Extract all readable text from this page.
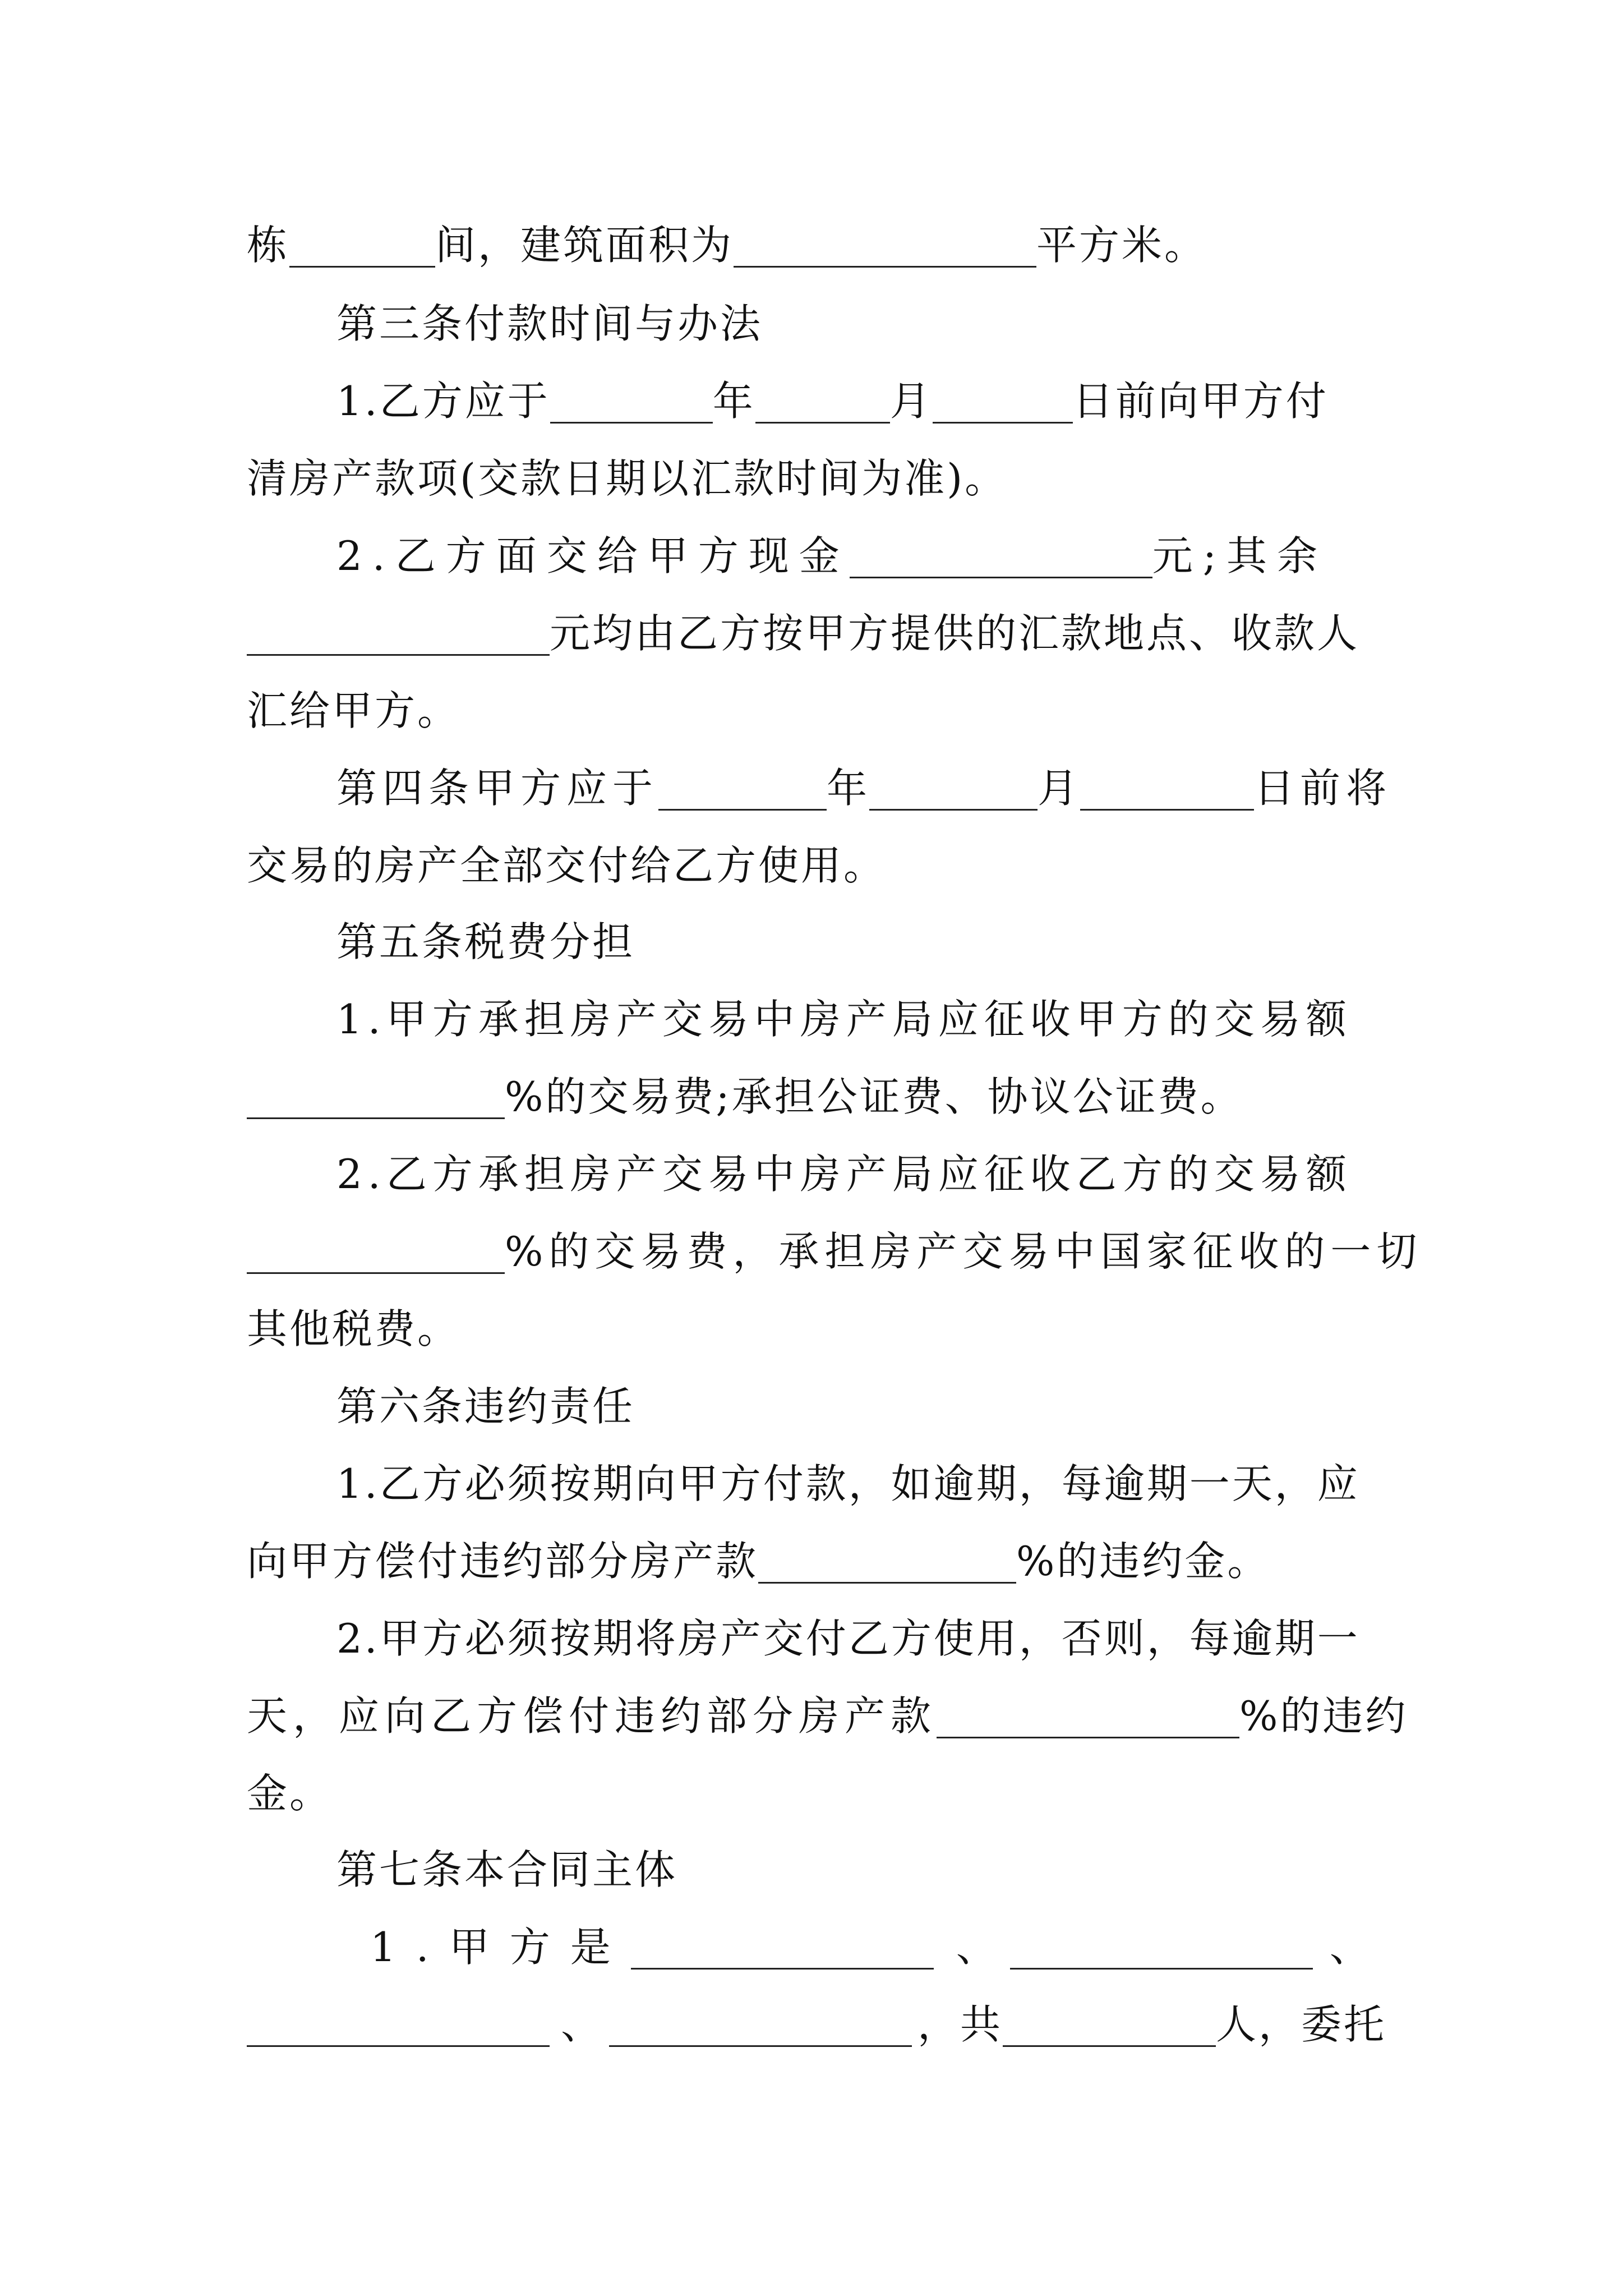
栋	间，建筑面积为	平方米。
第三条付款时间与办法
1.乙方应于	年	月	日前向甲方付
清房产款项(交款日期以汇款时间为准)。
2.乙方面交给甲方现金	元;其余
元均由乙方按甲方提供的汇款地点、收款人
汇给甲方。
第四条甲方应于	年	月	日前将
交易的房产全部交付给乙方使用。
第五条税费分担
1.甲方承担房产交易中房产局应征收甲方的交易额
%的交易费;承担公证费、协议公证费。
2.乙方承担房产交易中房产局应征收乙方的交易额
%的交易费，承担房产交易中国家征收的一切
其他税费。
第六条违约责任
1.乙方必须按期向甲方付款，如逾期，每逾期一天，应
向甲方偿付违约部分房产款	%的违约金。
2.甲方必须按期将房产交付乙方使用，否则，每逾期一
天，应向乙方偿付违约部分房产款	%的违约
金。
第七条本合同主体
1.甲方是	、	、
、	，共	人，委托
